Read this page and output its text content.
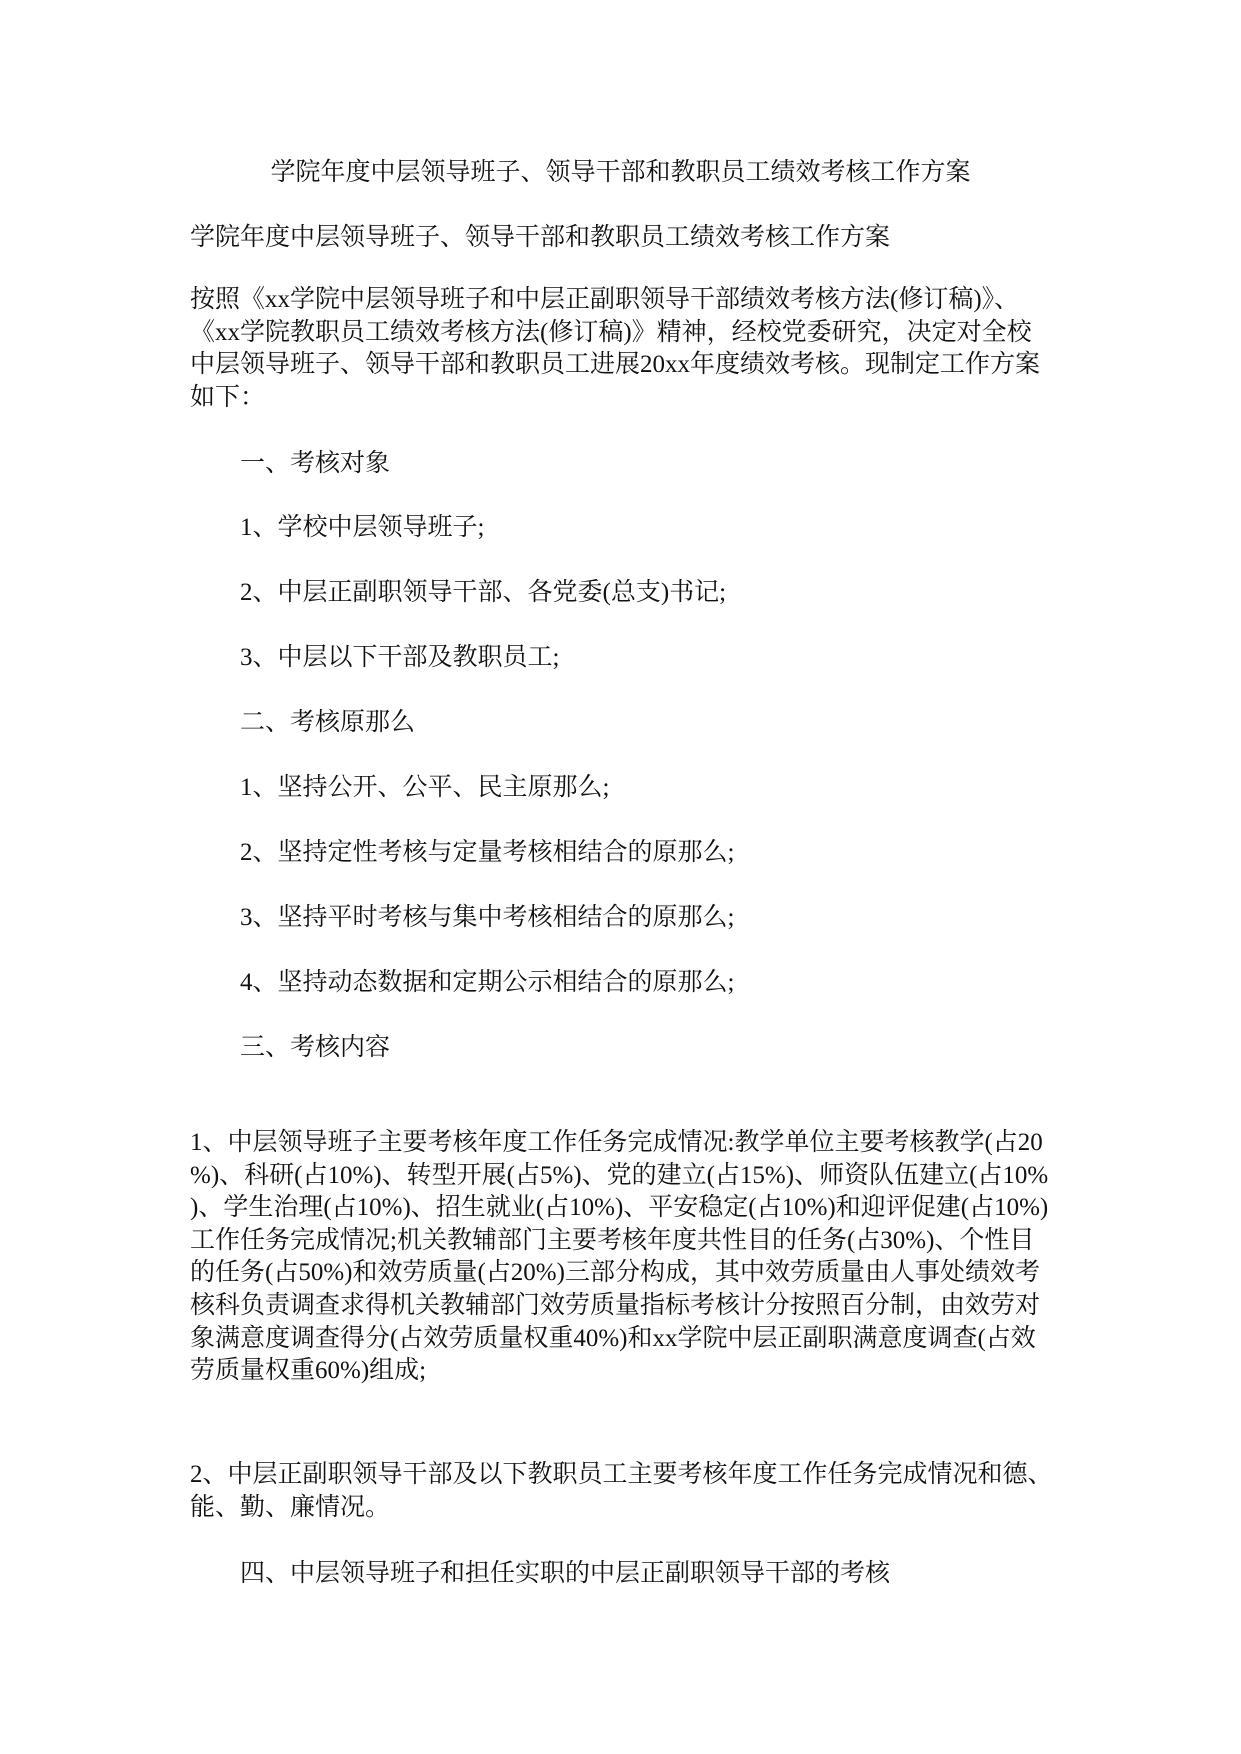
学院年度中层领导班子、领导干部和教职员工绩效考核工作方案
学院年度中层领导班子、领导干部和教职员工绩效考核工作方案
按照《xx学院中层领导班子和中层正副职领导干部绩效考核方法(修订稿)》、
《xx学院教职员工绩效考核方法(修订稿)》精神，经校党委研究，决定对全校
中层领导班子、领导干部和教职员工进展20xx年度绩效考核。现制定工作方案
如下：
一、考核对象
1、学校中层领导班子;
2、中层正副职领导干部、各党委(总支)书记;
3、中层以下干部及教职员工;
二、考核原那么
1、坚持公开、公平、民主原那么;
2、坚持定性考核与定量考核相结合的原那么;
3、坚持平时考核与集中考核相结合的原那么;
4、坚持动态数据和定期公示相结合的原那么;
三、考核内容
1、中层领导班子主要考核年度工作任务完成情况:教学单位主要考核教学(占20
%)、科研(占10%)、转型开展(占5%)、党的建立(占15%)、师资队伍建立(占10%
)、学生治理(占10%)、招生就业(占10%)、平安稳定(占10%)和迎评促建(占10%)
工作任务完成情况;机关教辅部门主要考核年度共性目的任务(占30%)、个性目
的任务(占50%)和效劳质量(占20%)三部分构成，其中效劳质量由人事处绩效考
核科负责调查求得机关教辅部门效劳质量指标考核计分按照百分制，由效劳对
象满意度调查得分(占效劳质量权重40%)和xx学院中层正副职满意度调查(占效
劳质量权重60%)组成;
2、中层正副职领导干部及以下教职员工主要考核年度工作任务完成情况和德、
能、勤、廉情况。
四、中层领导班子和担任实职的中层正副职领导干部的考核
